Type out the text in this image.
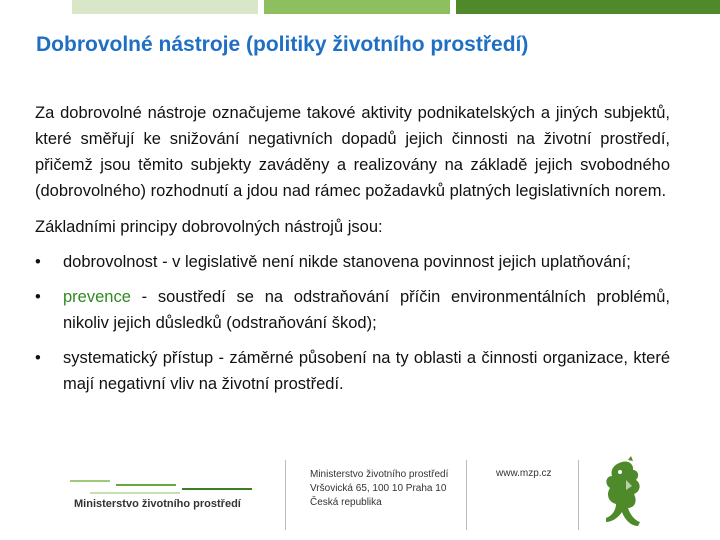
Dobrovolné nástroje (politiky životního prostředí)

Za dobrovolné nástroje označujeme takové aktivity podnikatelských a jiných subjektů, které směřují ke snižování negativních dopadů jejich činnosti na životní prostředí, přičemž jsou těmito subjekty zaváděny a realizovány na základě jejich svobodného (dobrovolného) rozhodnutí a jdou nad rámec požadavků platných legislativních norem.

Základními principy dobrovolných nástrojů jsou:

• dobrovolnost - v legislativě není nikde stanovena povinnost jejich uplatňování;
• prevence - soustředí se na odstraňování příčin environmentálních problémů, nikoliv jejich důsledků (odstraňování škod);
• systematický přístup - záměrné působení na ty oblasti a činnosti organizace, které mají negativní vliv na životní prostředí.
Ministerstvo životního prostředí
Ministerstvo životního prostředí
Vršovická 65, 100 10 Praha 10
Česká republika
www.mzp.cz
